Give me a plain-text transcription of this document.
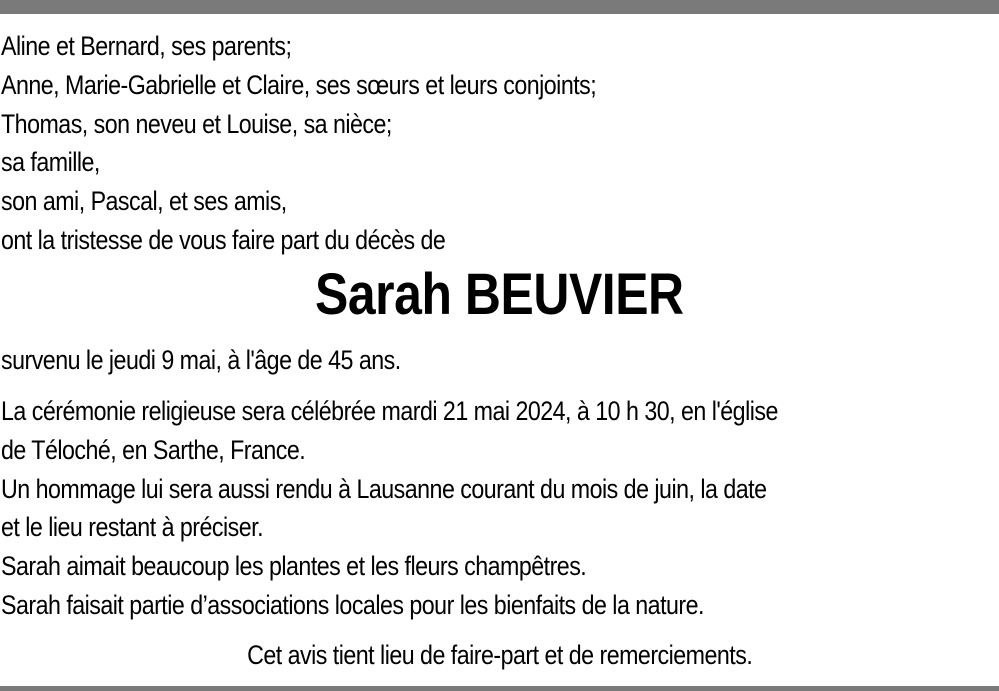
Aline et Bernard, ses parents;
Anne, Marie-Gabrielle et Claire, ses sœurs et leurs conjoints;
Thomas, son neveu et Louise, sa nièce;
sa famille,
son ami, Pascal, et ses amis,
ont la tristesse de vous faire part du décès de
Sarah BEUVIER
survenu le jeudi 9 mai, à l'âge de 45 ans.
La cérémonie religieuse sera célébrée mardi 21 mai 2024, à 10 h 30, en l'église
de Téloché, en Sarthe, France.
Un hommage lui sera aussi rendu à Lausanne courant du mois de juin, la date
et le lieu restant à préciser.
Sarah aimait beaucoup les plantes et les fleurs champêtres.
Sarah faisait partie d’associations locales pour les bienfaits de la nature.
Cet avis tient lieu de faire-part et de remerciements.
